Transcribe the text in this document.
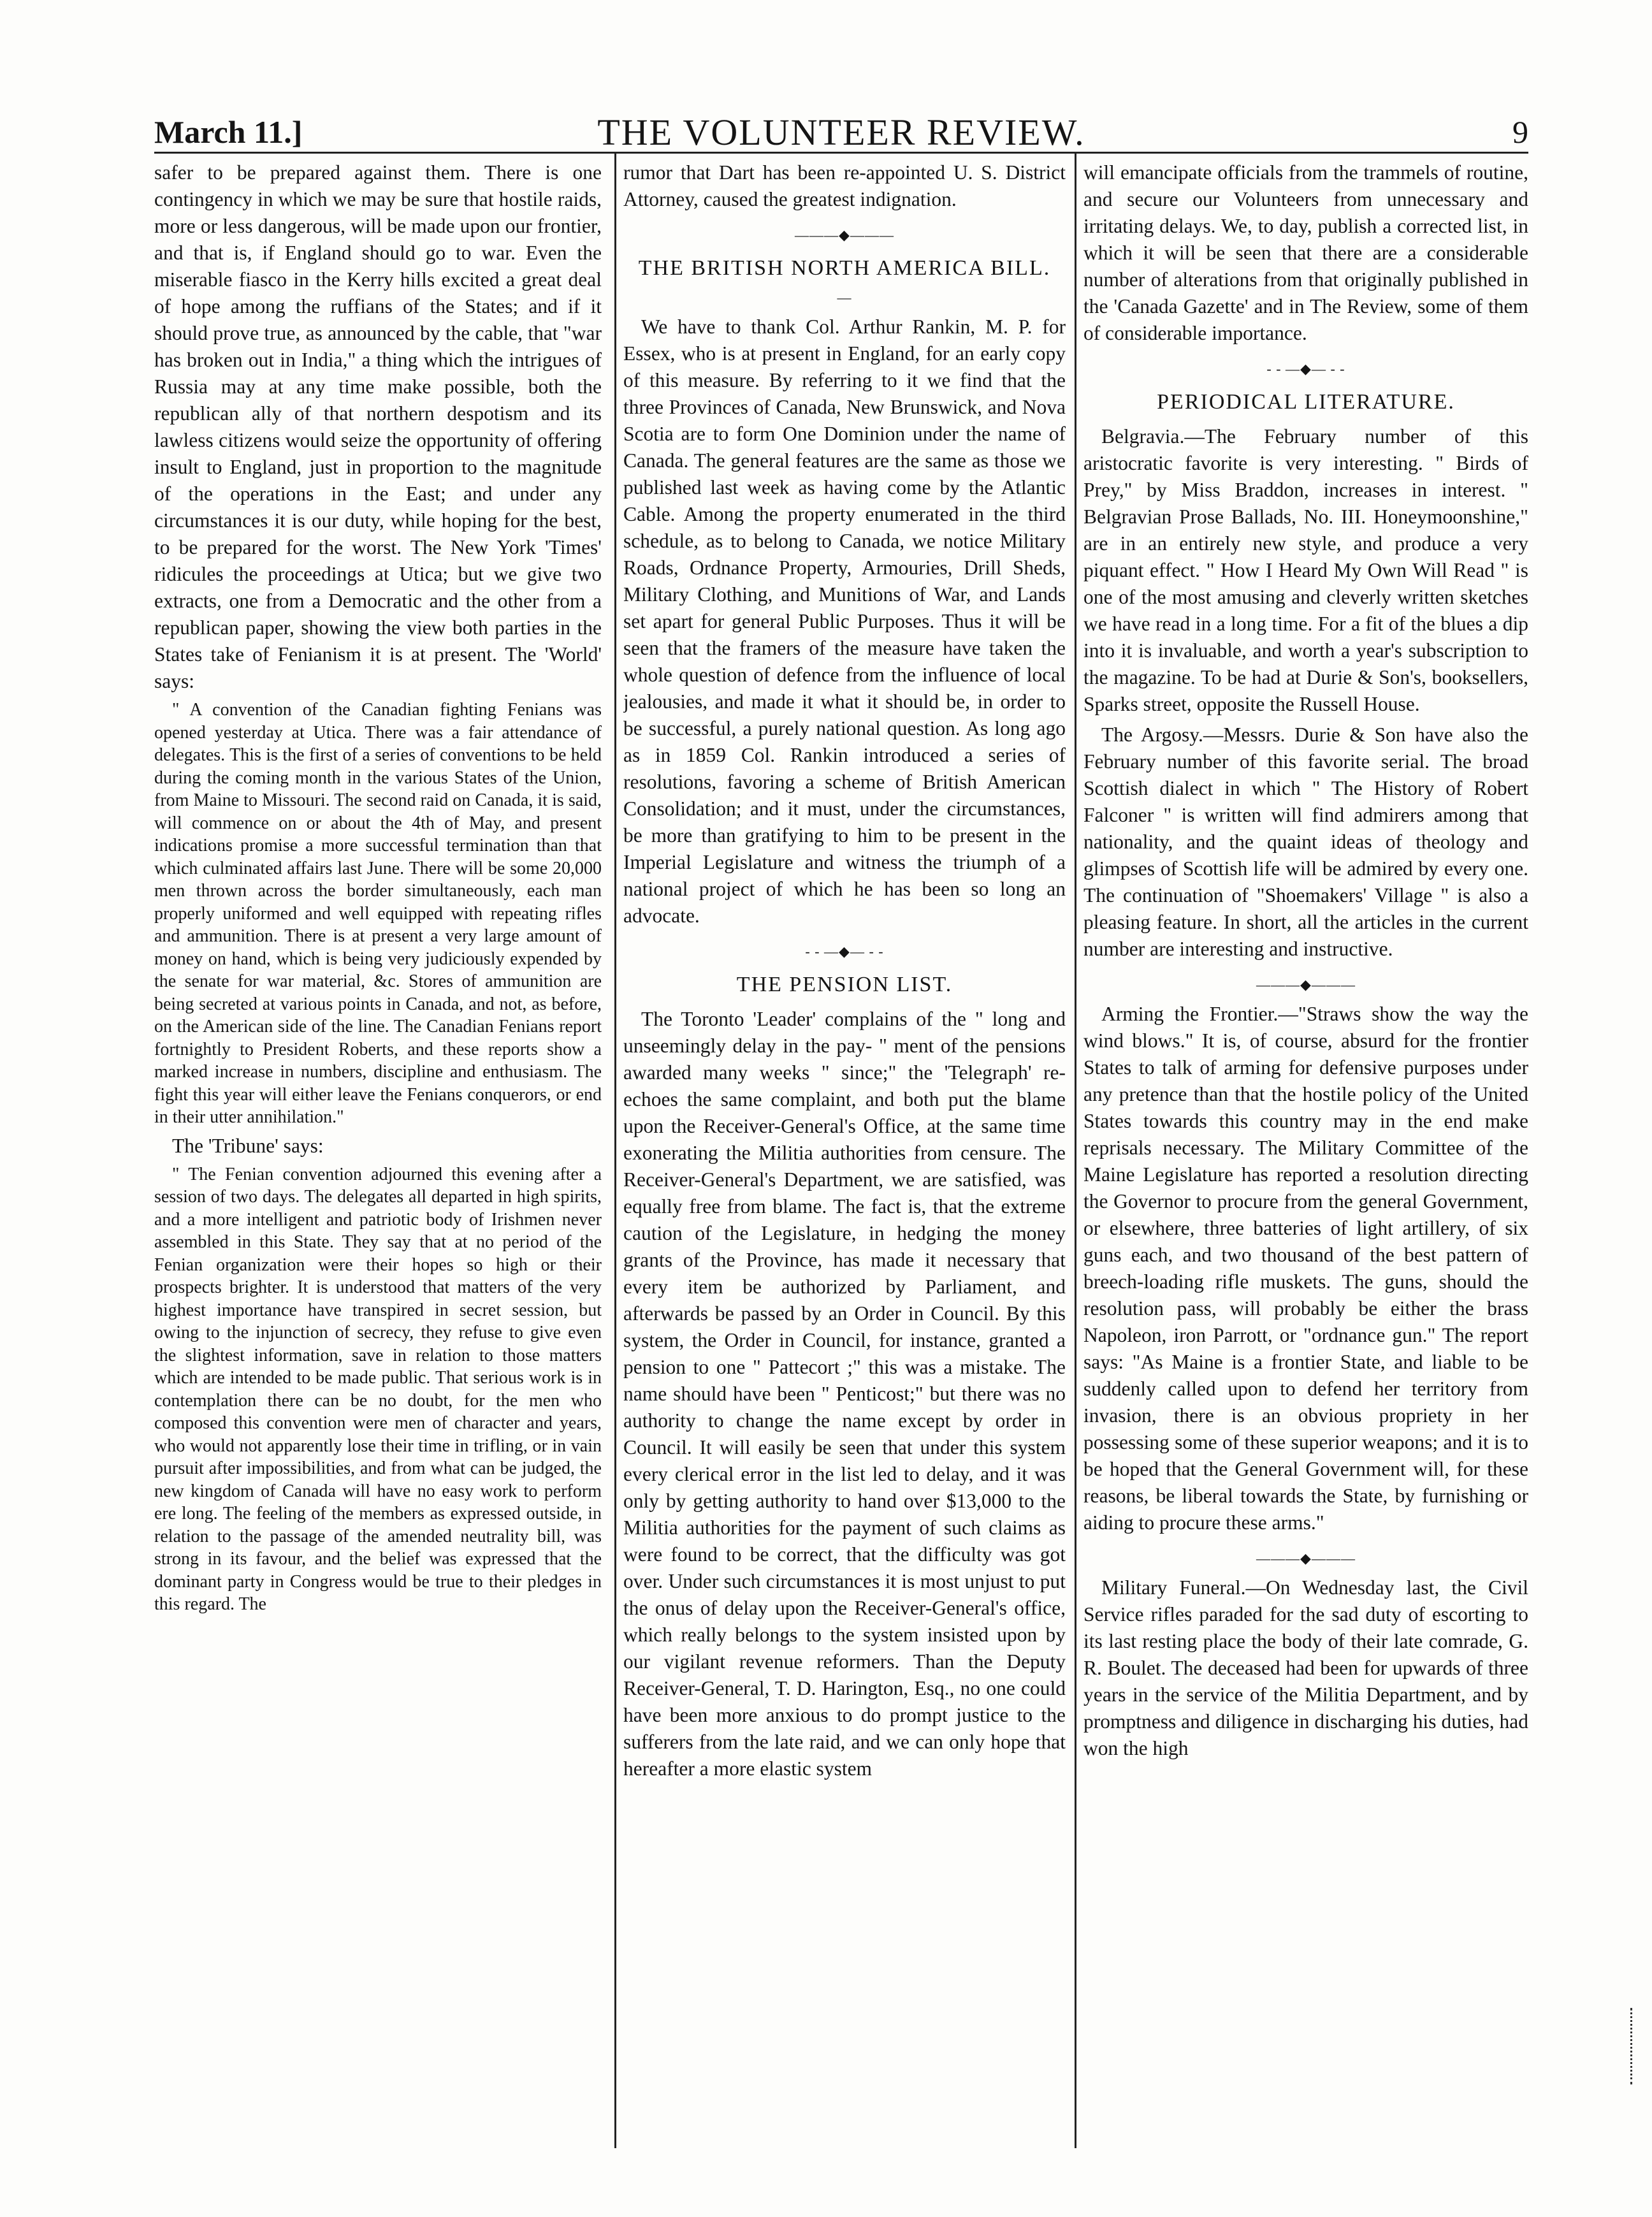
March 11.]	THE VOLUNTEER REVIEW.	9

safer to be prepared against them. There is one contingency in which we may be sure that hostile raids, more or less dangerous, will be made upon our frontier, and that is, if England should go to war. Even the miserable fiasco in the Kerry hills excited a great deal of hope among the ruffians of the States; and if it should prove true, as announced by the cable, that "war has broken out in India," a thing which the intrigues of Russia may at any time make possible, both the republican ally of that northern despotism and its lawless citizens would seize the opportunity of offering insult to England, just in proportion to the magnitude of the operations in the East; and under any circumstances it is our duty, while hoping for the best, to be prepared for the worst. The New York 'Times' ridicules the proceedings at Utica; but we give two extracts, one from a Democratic and the other from a republican paper, showing the view both parties in the States take of Fenianism it is at present. The 'World' says:

" A convention of the Canadian fighting Fenians was opened yesterday at Utica. There was a fair attendance of delegates. This is the first of a series of conventions to be held during the coming month in the various States of the Union, from Maine to Missouri. The second raid on Canada, it is said, will commence on or about the 4th of May, and present indications promise a more successful termination than that which culminated affairs last June. There will be some 20,000 men thrown across the border simultaneously, each man properly uniformed and well equipped with repeating rifles and ammunition. There is at present a very large amount of money on hand, which is being very judiciously expended by the senate for war material, &c. Stores of ammunition are being secreted at various points in Canada, and not, as before, on the American side of the line. The Canadian Fenians report fortnightly to President Roberts, and these reports show a marked increase in numbers, discipline and enthusiasm. The fight this year will either leave the Fenians conquerors, or end in their utter annihilation."

The 'Tribune' says:

" The Fenian convention adjourned this evening after a session of two days. The delegates all departed in high spirits, and a more intelligent and patriotic body of Irishmen never assembled in this State. They say that at no period of the Fenian organization were their hopes so high or their prospects brighter. It is understood that matters of the very highest importance have transpired in secret session, but owing to the injunction of secrecy, they refuse to give even the slightest information, save in relation to those matters which are intended to be made public. That serious work is in contemplation there can be no doubt, for the men who composed this convention were men of character and years, who would not apparently lose their time in trifling, or in vain pursuit after impossibilities, and from what can be judged, the new kingdom of Canada will have no easy work to perform ere long. The feeling of the members as expressed outside, in relation to the passage of the amended neutrality bill, was strong in its favour, and the belief was expressed that the dominant party in Congress would be true to their pledges in this regard. The

rumor that Dart has been re-appointed U. S. District Attorney, caused the greatest indignation.

———◆———
THE BRITISH NORTH AMERICA BILL.
—

We have to thank Col. Arthur Rankin, M. P. for Essex, who is at present in England, for an early copy of this measure. By referring to it we find that the three Provinces of Canada, New Brunswick, and Nova Scotia are to form One Dominion under the name of Canada. The general features are the same as those we published last week as having come by the Atlantic Cable. Among the property enumerated in the third schedule, as to belong to Canada, we notice Military Roads, Ordnance Property, Armouries, Drill Sheds, Military Clothing, and Munitions of War, and Lands set apart for general Public Purposes. Thus it will be seen that the framers of the measure have taken the whole question of defence from the influence of local jealousies, and made it what it should be, in order to be successful, a purely national question. As long ago as in 1859 Col. Rankin introduced a series of resolutions, favoring a scheme of British American Consolidation; and it must, under the circumstances, be more than gratifying to him to be present in the Imperial Legislature and witness the triumph of a national project of which he has been so long an advocate.

- - —◆— - -
THE PENSION LIST.

The Toronto 'Leader' complains of the " long and unseemingly delay in the pay- " ment of the pensions awarded many weeks " since;" the 'Telegraph' re-echoes the same complaint, and both put the blame upon the Receiver-General's Office, at the same time exonerating the Militia authorities from censure. The Receiver-General's Department, we are satisfied, was equally free from blame. The fact is, that the extreme caution of the Legislature, in hedging the money grants of the Province, has made it necessary that every item be authorized by Parliament, and afterwards be passed by an Order in Council. By this system, the Order in Council, for instance, granted a pension to one " Pattecort ;" this was a mistake. The name should have been " Penticost;" but there was no authority to change the name except by order in Council. It will easily be seen that under this system every clerical error in the list led to delay, and it was only by getting authority to hand over $13,000 to the Militia authorities for the payment of such claims as were found to be correct, that the difficulty was got over. Under such circumstances it is most unjust to put the onus of delay upon the Receiver-General's office, which really belongs to the system insisted upon by our vigilant revenue reformers. Than the Deputy Receiver-General, T. D. Harington, Esq., no one could have been more anxious to do prompt justice to the sufferers from the late raid, and we can only hope that hereafter a more elastic system

will emancipate officials from the trammels of routine, and secure our Volunteers from unnecessary and irritating delays. We, to day, publish a corrected list, in which it will be seen that there are a considerable number of alterations from that originally published in the 'Canada Gazette' and in The Review, some of them of considerable importance.

- - —◆— - -
PERIODICAL LITERATURE.

Belgravia.—The February number of this aristocratic favorite is very interesting. " Birds of Prey," by Miss Braddon, increases in interest. " Belgravian Prose Ballads, No. III. Honeymoonshine," are in an entirely new style, and produce a very piquant effect. " How I Heard My Own Will Read " is one of the most amusing and cleverly written sketches we have read in a long time. For a fit of the blues a dip into it is invaluable, and worth a year's subscription to the magazine. To be had at Durie & Son's, booksellers, Sparks street, opposite the Russell House.

The Argosy.—Messrs. Durie & Son have also the February number of this favorite serial. The broad Scottish dialect in which " The History of Robert Falconer " is written will find admirers among that nationality, and the quaint ideas of theology and glimpses of Scottish life will be admired by every one. The continuation of "Shoemakers' Village " is also a pleasing feature. In short, all the articles in the current number are interesting and instructive.

———◆———

Arming the Frontier.—"Straws show the way the wind blows." It is, of course, absurd for the frontier States to talk of arming for defensive purposes under any pretence than that the hostile policy of the United States towards this country may in the end make reprisals necessary. The Military Committee of the Maine Legislature has reported a resolution directing the Governor to procure from the general Government, or elsewhere, three batteries of light artillery, of six guns each, and two thousand of the best pattern of breech-loading rifle muskets. The guns, should the resolution pass, will probably be either the brass Napoleon, iron Parrott, or "ordnance gun." The report says: "As Maine is a frontier State, and liable to be suddenly called upon to defend her territory from invasion, there is an obvious propriety in her possessing some of these superior weapons; and it is to be hoped that the General Government will, for these reasons, be liberal towards the State, by furnishing or aiding to procure these arms."

———◆———

Military Funeral.—On Wednesday last, the Civil Service rifles paraded for the sad duty of escorting to its last resting place the body of their late comrade, G. R. Boulet. The deceased had been for upwards of three years in the service of the Militia Department, and by promptness and diligence in discharging his duties, had won the high
